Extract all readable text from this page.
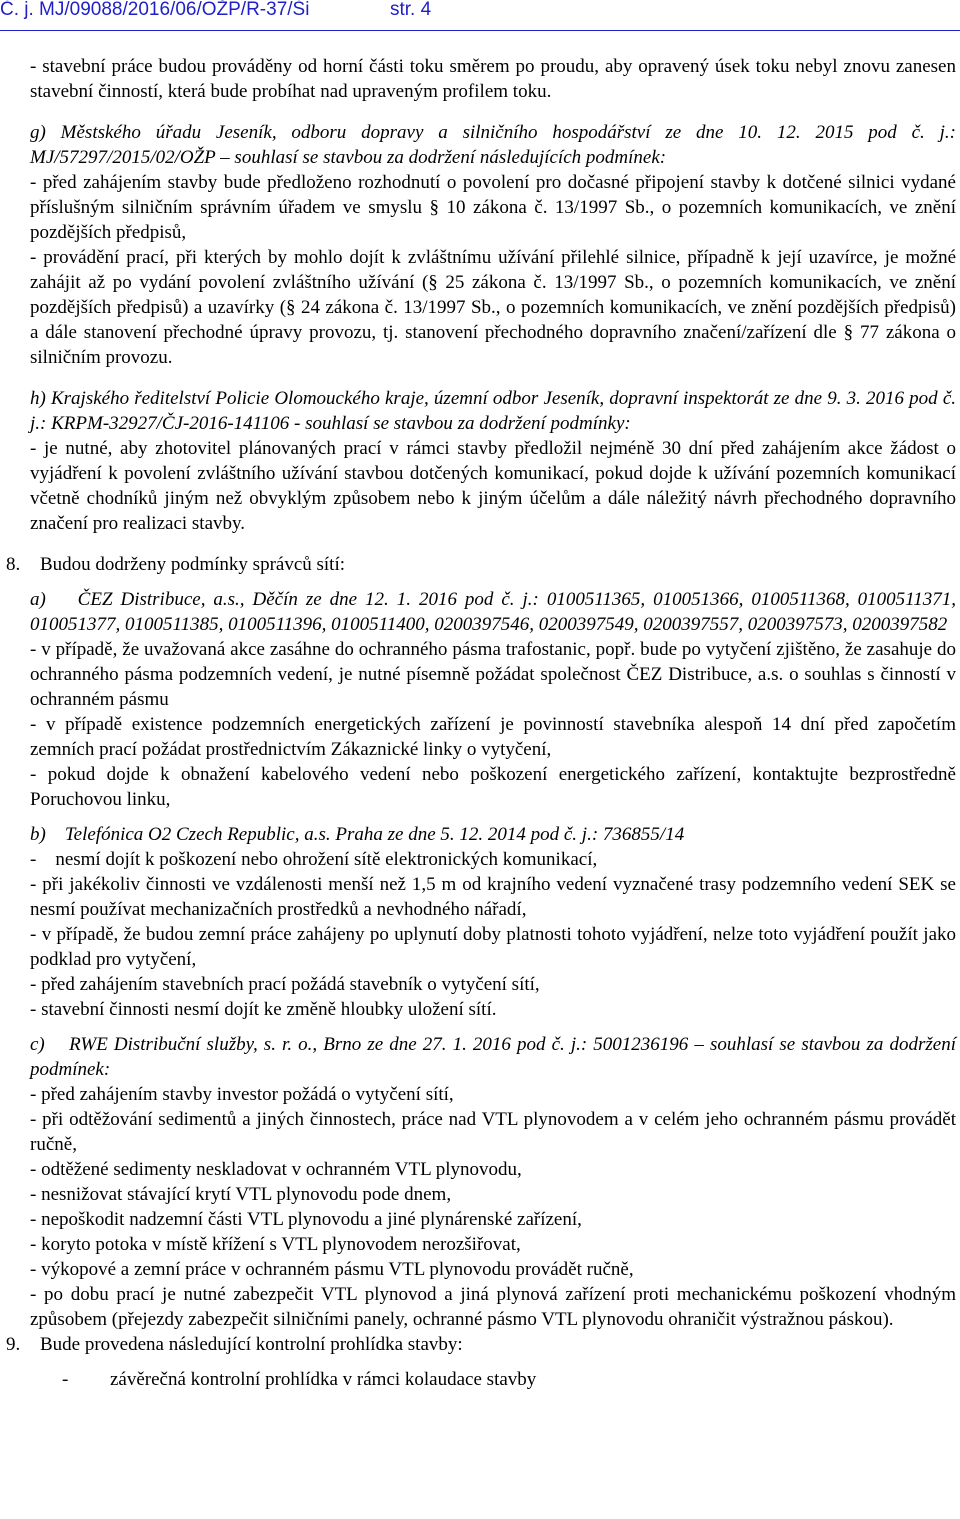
Č. j. MJ/09088/2016/06/OŽP/R-37/Ši	str. 4

- stavební práce budou prováděny od horní části toku směrem po proudu, aby opravený úsek toku nebyl znovu zanesen stavební činností, která bude probíhat nad upraveným profilem toku.

g) Městského úřadu Jeseník, odboru dopravy a silničního hospodářství ze dne 10. 12. 2015 pod č. j.: MJ/57297/2015/02/OŽP – souhlasí se stavbou za dodržení následujících podmínek:

- před zahájením stavby bude předloženo rozhodnutí o povolení pro dočasné připojení stavby k dotčené silnici vydané příslušným silničním správním úřadem ve smyslu § 10 zákona č. 13/1997 Sb., o pozemních komunikacích, ve znění pozdějších předpisů,

- provádění prací, při kterých by mohlo dojít k zvláštnímu užívání přilehlé silnice, případně k její uzavírce, je možné zahájit až po vydání povolení zvláštního užívání (§ 25 zákona č. 13/1997 Sb., o pozemních komunikacích, ve znění pozdějších předpisů) a uzavírky (§ 24 zákona č. 13/1997 Sb., o pozemních komunikacích, ve znění pozdějších předpisů) a dále stanovení přechodné úpravy provozu, tj. stanovení přechodného dopravního značení/zařízení dle § 77 zákona o silničním provozu.

h) Krajského ředitelství Policie Olomouckého kraje, územní odbor Jeseník, dopravní inspektorát ze dne 9. 3. 2016 pod č. j.: KRPM-32927/ČJ-2016-141106 - souhlasí se stavbou za dodržení podmínky:

- je nutné, aby zhotovitel plánovaných prací v rámci stavby předložil nejméně 30 dní před zahájením akce žádost o vyjádření k povolení zvláštního užívání stavbou dotčených komunikací, pokud dojde k užívání pozemních komunikací včetně chodníků jiným než obvyklým způsobem nebo k jiným účelům a dále náležitý návrh přechodného dopravního značení pro realizaci stavby.

8. Budou dodrženy podmínky správců sítí:

a)    ČEZ Distribuce, a.s., Děčín ze dne 12. 1. 2016 pod č. j.: 0100511365, 010051366, 0100511368, 0100511371, 010051377, 0100511385, 0100511396, 0100511400, 0200397546, 0200397549, 0200397557, 0200397573, 0200397582

- v případě, že uvažovaná akce zasáhne do ochranného pásma trafostanic, popř. bude po vytyčení zjištěno, že zasahuje do ochranného pásma podzemních vedení, je nutné písemně požádat společnost ČEZ Distribuce, a.s. o souhlas s činností v ochranném pásmu

- v případě existence podzemních energetických zařízení je povinností stavebníka alespoň 14 dní před započetím zemních prací požádat prostřednictvím Zákaznické linky o vytyčení,

- pokud dojde k obnažení kabelového vedení nebo poškození energetického zařízení, kontaktujte bezprostředně Poruchovou linku,

b)    Telefónica O2 Czech Republic, a.s. Praha ze dne 5. 12. 2014 pod č. j.: 736855/14

-    nesmí dojít k poškození nebo ohrožení sítě elektronických komunikací,

- při jakékoliv činnosti ve vzdálenosti menší než 1,5 m od krajního vedení vyznačené trasy podzemního vedení SEK se nesmí používat mechanizačních prostředků a nevhodného nářadí,

- v případě, že budou zemní práce zahájeny po uplynutí doby platnosti tohoto vyjádření, nelze toto vyjádření použít jako podklad pro vytyčení,

- před zahájením stavebních prací požádá stavebník o vytyčení sítí,

- stavební činnosti nesmí dojít ke změně hloubky uložení sítí.

c)    RWE Distribuční služby, s. r. o., Brno ze dne 27. 1. 2016 pod č. j.: 5001236196 – souhlasí se stavbou za dodržení podmínek:

- před zahájením stavby investor požádá o vytyčení sítí,

- při odtěžování sedimentů a jiných činnostech, práce nad VTL plynovodem a v celém jeho ochranném pásmu provádět ručně,

- odtěžené sedimenty neskladovat v ochranném VTL plynovodu,

- nesnižovat stávající krytí VTL plynovodu pode dnem,

- nepoškodit nadzemní části VTL plynovodu a jiné plynárenské zařízení,

- koryto potoka v místě křížení s VTL plynovodem nerozšiřovat,

- výkopové a zemní práce v ochranném pásmu VTL plynovodu provádět ručně,

- po dobu prací je nutné zabezpečit VTL plynovod a jiná plynová zařízení proti mechanickému poškození vhodným způsobem (přejezdy zabezpečit silničními panely, ochranné pásmo VTL plynovodu ohraničit výstražnou páskou).

9. Bude provedena následující kontrolní prohlídka stavby:

- závěrečná kontrolní prohlídka v rámci kolaudace stavby
